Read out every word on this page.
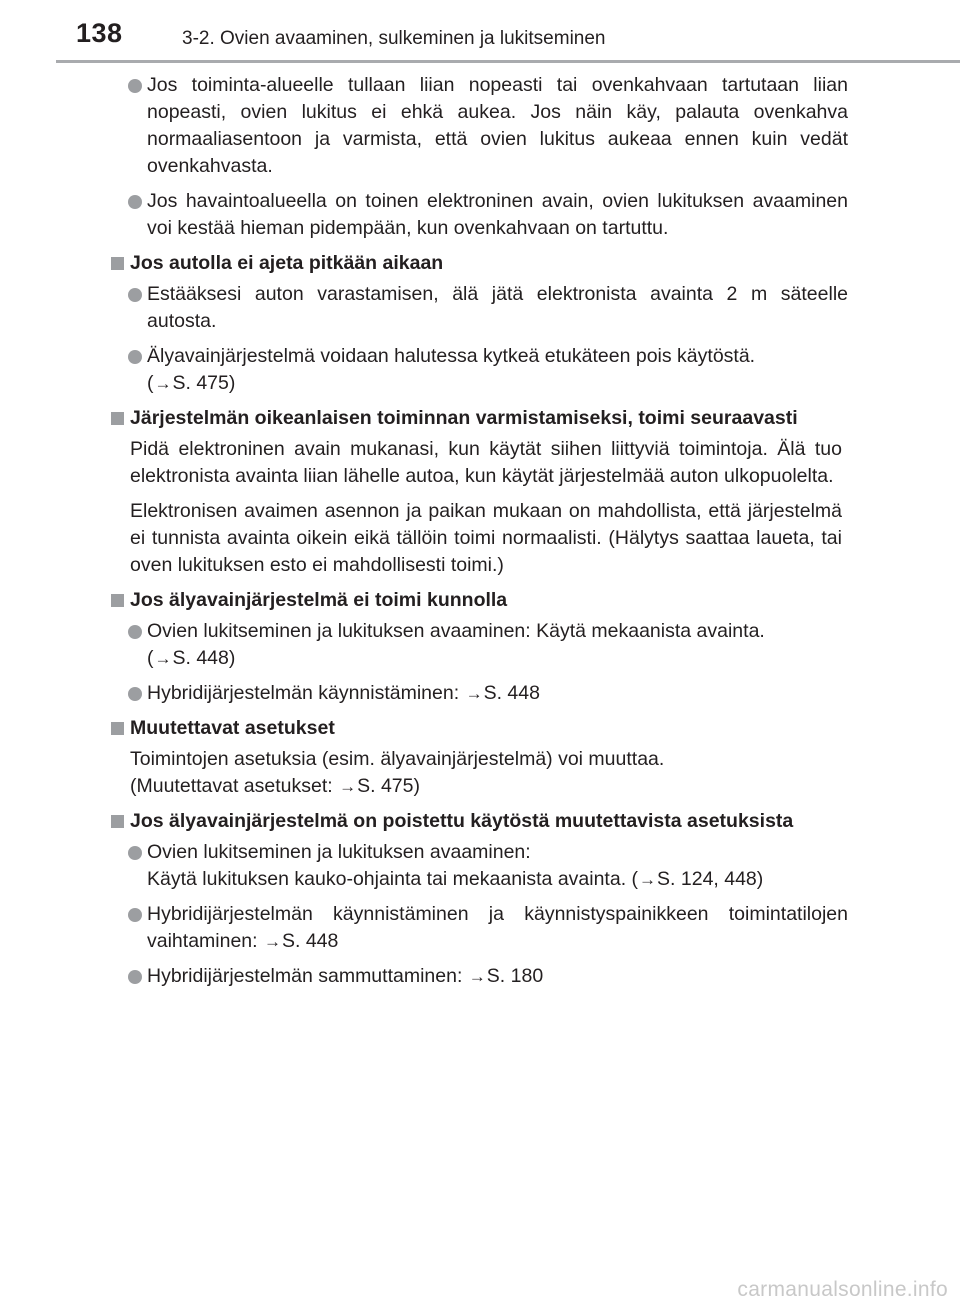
138	3-2. Ovien avaaminen, sulkeminen ja lukitseminen
Jos toiminta-alueelle tullaan liian nopeasti tai ovenkahvaan tartutaan liian nopeasti, ovien lukitus ei ehkä aukea. Jos näin käy, palauta ovenkahva normaaliasentoon ja varmista, että ovien lukitus aukeaa ennen kuin vedät ovenkahvasta.
Jos havaintoalueella on toinen elektroninen avain, ovien lukituksen avaaminen voi kestää hieman pidempään, kun ovenkahvaan on tartuttu.
Jos autolla ei ajeta pitkään aikaan
Estääksesi auton varastamisen, älä jätä elektronista avainta 2 m säteelle autosta.
Älyavainjärjestelmä voidaan halutessa kytkeä etukäteen pois käytöstä.
(→S. 475)
Järjestelmän oikeanlaisen toiminnan varmistamiseksi, toimi seuraavasti
Pidä elektroninen avain mukanasi, kun käytät siihen liittyviä toimintoja. Älä tuo elektronista avainta liian lähelle autoa, kun käytät järjestelmää auton ulkopuolelta.
Elektronisen avaimen asennon ja paikan mukaan on mahdollista, että järjestelmä ei tunnista avainta oikein eikä tällöin toimi normaalisti. (Hälytys saattaa laueta, tai oven lukituksen esto ei mahdollisesti toimi.)
Jos älyavainjärjestelmä ei toimi kunnolla
Ovien lukitseminen ja lukituksen avaaminen: Käytä mekaanista avainta.
(→S. 448)
Hybridijärjestelmän käynnistäminen: →S. 448
Muutettavat asetukset
Toimintojen asetuksia (esim. älyavainjärjestelmä) voi muuttaa.
(Muutettavat asetukset: →S. 475)
Jos älyavainjärjestelmä on poistettu käytöstä muutettavista asetuksista
Ovien lukitseminen ja lukituksen avaaminen:
Käytä lukituksen kauko-ohjainta tai mekaanista avainta. (→S. 124, 448)
Hybridijärjestelmän käynnistäminen ja käynnistyspainikkeen toimintatilojen vaihtaminen: →S. 448
Hybridijärjestelmän sammuttaminen: →S. 180
carmanualsonline.info
